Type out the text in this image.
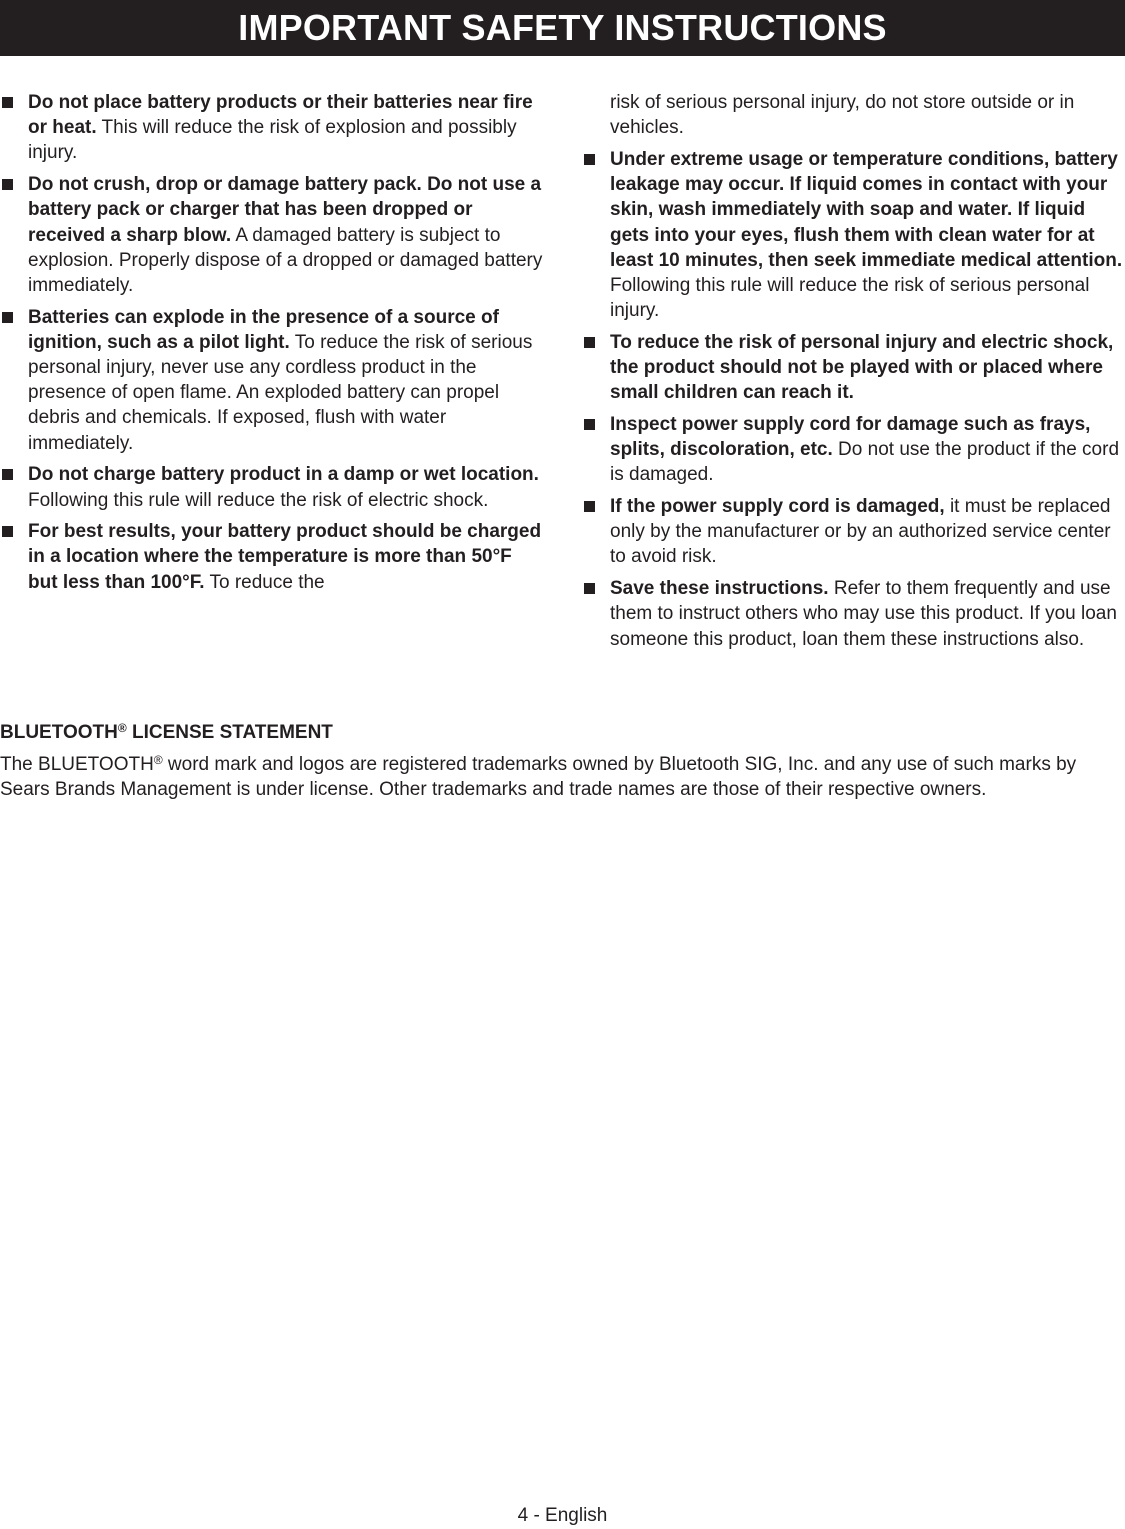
IMPORTANT SAFETY INSTRUCTIONS

Do not place battery products or their batteries near fire or heat. This will reduce the risk of explosion and possibly injury.

Do not crush, drop or damage battery pack. Do not use a battery pack or charger that has been dropped or received a sharp blow. A damaged battery is subject to explosion. Properly dispose of a dropped or damaged battery immediately.

Batteries can explode in the presence of a source of ignition, such as a pilot light. To reduce the risk of serious personal injury, never use any cordless product in the presence of open flame. An exploded battery can propel debris and chemicals. If exposed, flush with water immediately.

Do not charge battery product in a damp or wet location. Following this rule will reduce the risk of electric shock.

For best results, your battery product should be charged in a location where the temperature is more than 50°F but less than 100°F. To reduce the

risk of serious personal injury, do not store outside or in vehicles.

Under extreme usage or temperature conditions, battery leakage may occur. If liquid comes in contact with your skin, wash immediately with soap and water. If liquid gets into your eyes, flush them with clean water for at least 10 minutes, then seek immediate medical attention. Following this rule will reduce the risk of serious personal injury.

To reduce the risk of personal injury and electric shock, the product should not be played with or placed where small children can reach it.

Inspect power supply cord for damage such as frays, splits, discoloration, etc. Do not use the product if the cord is damaged.

If the power supply cord is damaged, it must be replaced only by the manufacturer or by an authorized service center to avoid risk.

Save these instructions. Refer to them frequently and use them to instruct others who may use this product. If you loan someone this product, loan them these instructions also.

BLUETOOTH® LICENSE STATEMENT

The BLUETOOTH® word mark and logos are registered trademarks owned by Bluetooth SIG, Inc. and any use of such marks by Sears Brands Management is under license. Other trademarks and trade names are those of their respective owners.

4 - English
